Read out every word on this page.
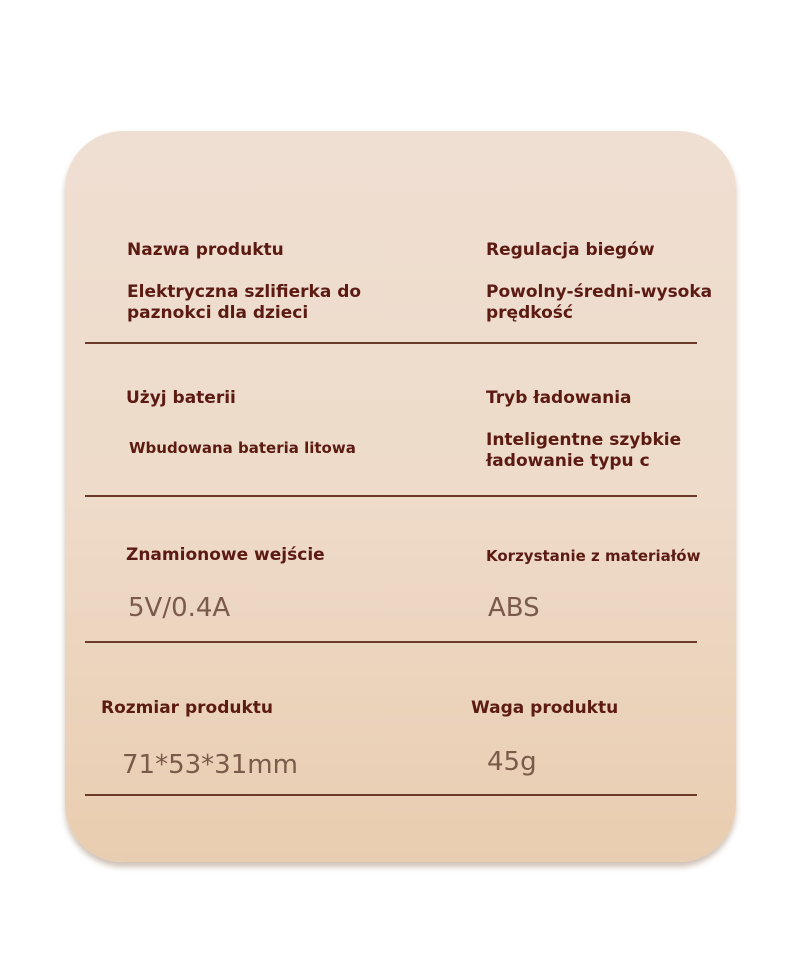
Nazwa produktu

Elektryczna szlifierka do
paznokci dla dzieci

Regulacja biegów

Powolny-średni-wysoka
prędkość

Użyj baterii

Wbudowana bateria litowa

Tryb ładowania

Inteligentne szybkie
ładowanie typu c

Znamionowe wejście

5V/0.4A

Korzystanie z materiałów

ABS

Rozmiar produktu

71*53*31mm

Waga produktu

45g
